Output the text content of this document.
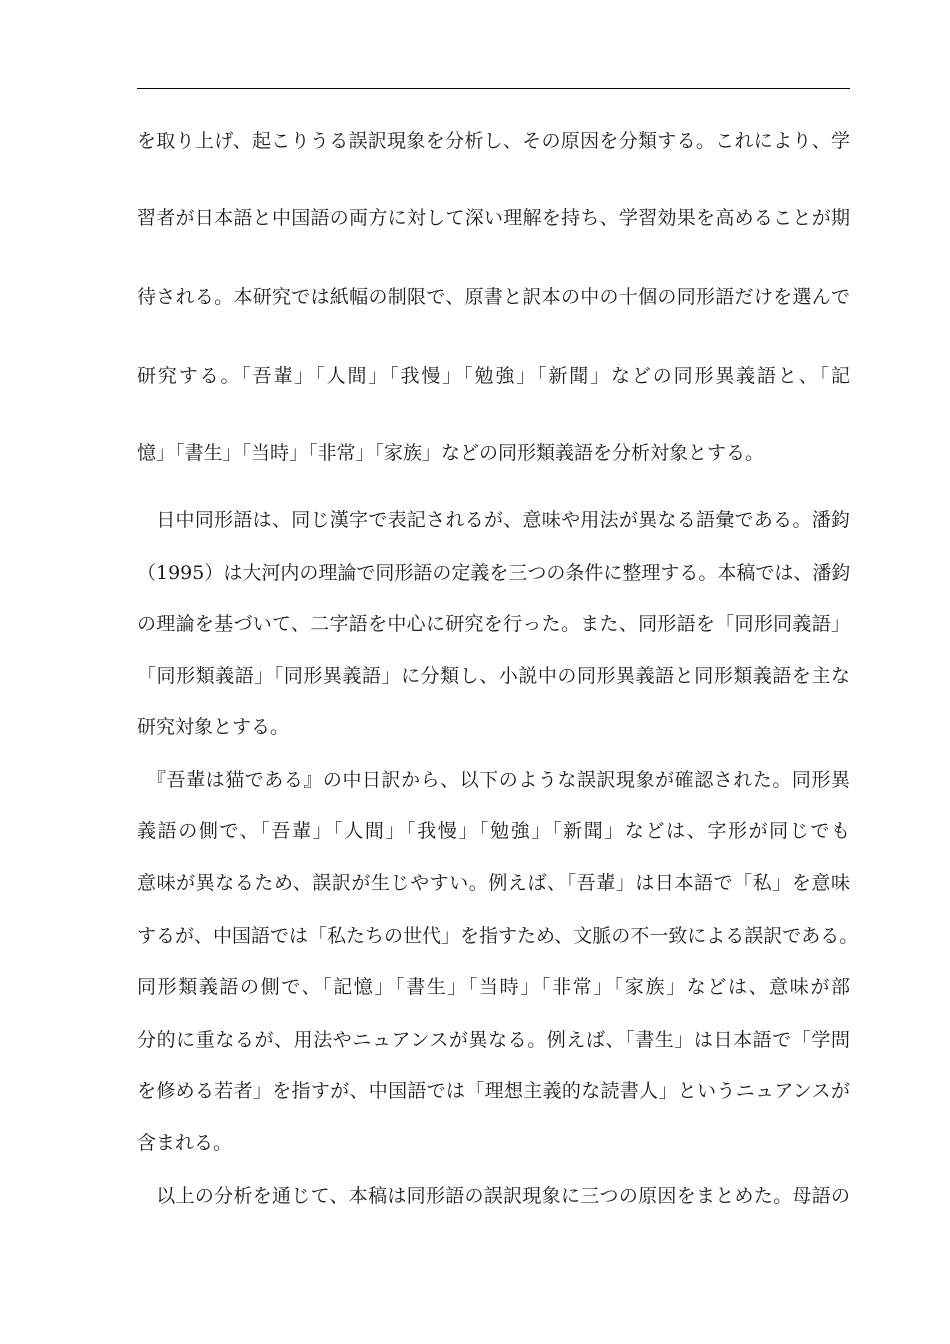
を取り上げ、起こりうる誤訳現象を分析し、その原因を分類する。これにより、学
習者が日本語と中国語の両方に対して深い理解を持ち、学習効果を高めることが期
待される。本研究では紙幅の制限で、原書と訳本の中の十個の同形語だけを選んで
研究する。「吾輩」「人間」「我慢」「勉強」「新聞」などの同形異義語と、「記
憶」「書生」「当時」「非常」「家族」などの同形類義語を分析対象とする。
　日中同形語は、同じ漢字で表記されるが、意味や用法が異なる語彙である。潘鈞
（1995）は大河内の理論で同形語の定義を三つの条件に整理する。本稿では、潘鈞
の理論を基づいて、二字語を中心に研究を行った。また、同形語を「同形同義語」
「同形類義語」「同形異義語」に分類し、小説中の同形異義語と同形類義語を主な
研究対象とする。
　『吾輩は猫である』の中日訳から、以下のような誤訳現象が確認された。同形異
義語の側で、「吾輩」「人間」「我慢」「勉強」「新聞」などは、字形が同じでも
意味が異なるため、誤訳が生じやすい。例えば、「吾輩」は日本語で「私」を意味
するが、中国語では「私たちの世代」を指すため、文脈の不一致による誤訳である。
同形類義語の側で、「記憶」「書生」「当時」「非常」「家族」などは、意味が部
分的に重なるが、用法やニュアンスが異なる。例えば、「書生」は日本語で「学問
を修める若者」を指すが、中国語では「理想主義的な読書人」というニュアンスが
含まれる。
　以上の分析を通じて、本稿は同形語の誤訳現象に三つの原因をまとめた。母語の
